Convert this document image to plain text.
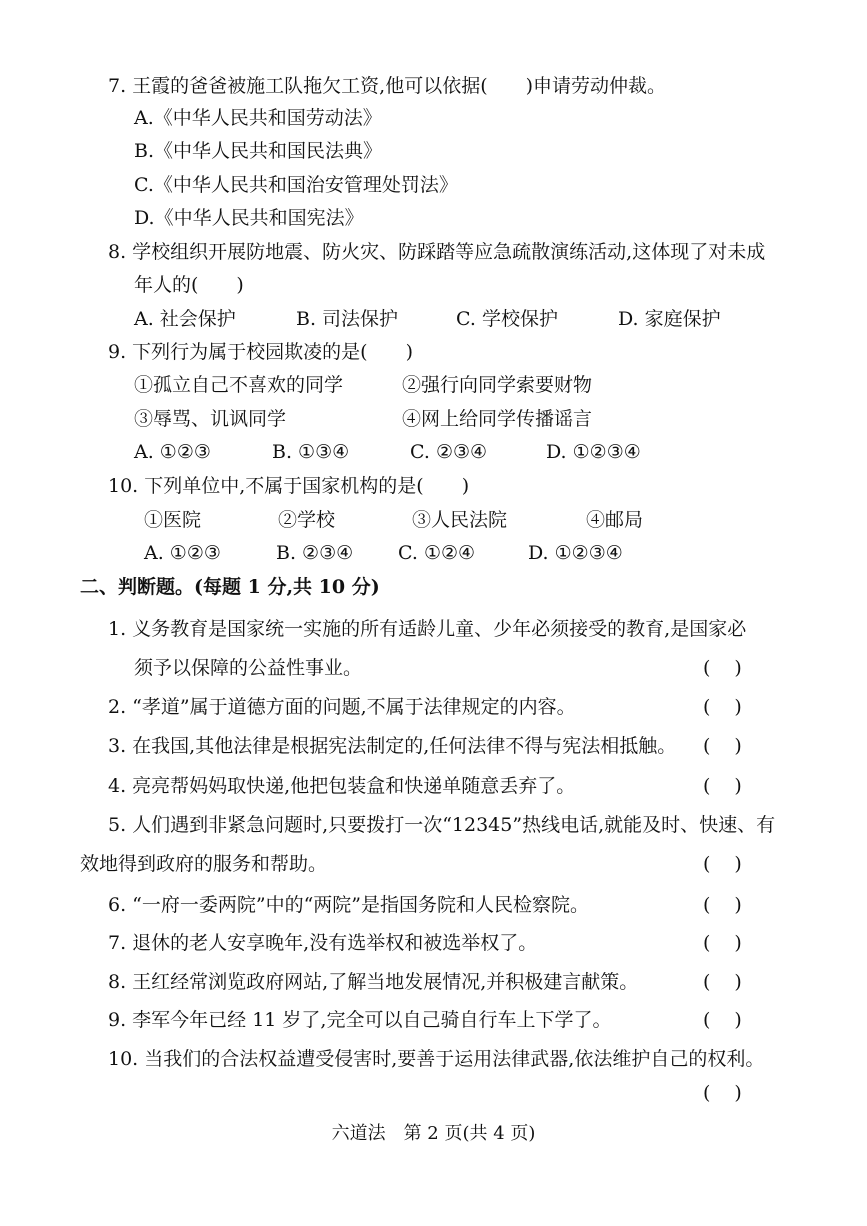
7. 王霞的爸爸被施工队拖欠工资,他可以依据(　　)申请劳动仲裁。
A.《中华人民共和国劳动法》
B.《中华人民共和国民法典》
C.《中华人民共和国治安管理处罚法》
D.《中华人民共和国宪法》
8. 学校组织开展防地震、防火灾、防踩踏等应急疏散演练活动,这体现了对未成
年人的(　　)
A. 社会保护	B. 司法保护	C. 学校保护	D. 家庭保护
9. 下列行为属于校园欺凌的是(　　)
①孤立自己不喜欢的同学	②强行向同学索要财物
③辱骂、讥讽同学	④网上给同学传播谣言
A. ①②③	B. ①③④	C. ②③④	D. ①②③④
10. 下列单位中,不属于国家机构的是(　　)
①医院	②学校	③人民法院	④邮局
A. ①②③	B. ②③④ C. ①②④	D. ①②③④
二、判断题。(每题 1 分,共 10 分)
1. 义务教育是国家统一实施的所有适龄儿童、少年必须接受的教育,是国家必
须予以保障的公益性事业。	()
2. “孝道”属于道德方面的问题,不属于法律规定的内容。	()
3. 在我国,其他法律是根据宪法制定的,任何法律不得与宪法相抵触。 ()
4. 亮亮帮妈妈取快递,他把包装盒和快递单随意丢弃了。	()
5. 人们遇到非紧急问题时,只要拨打一次“12345”热线电话,就能及时、快速、有
效地得到政府的服务和帮助。	()
6. “一府一委两院”中的“两院”是指国务院和人民检察院。	()
7. 退休的老人安享晚年,没有选举权和被选举权了。	()
8. 王红经常浏览政府网站,了解当地发展情况,并积极建言献策。	()
9. 李军今年已经 11 岁了,完全可以自己骑自行车上下学了。	()
10. 当我们的合法权益遭受侵害时,要善于运用法律武器,依法维护自己的权利。
()
六道法　第 2 页(共 4 页)
